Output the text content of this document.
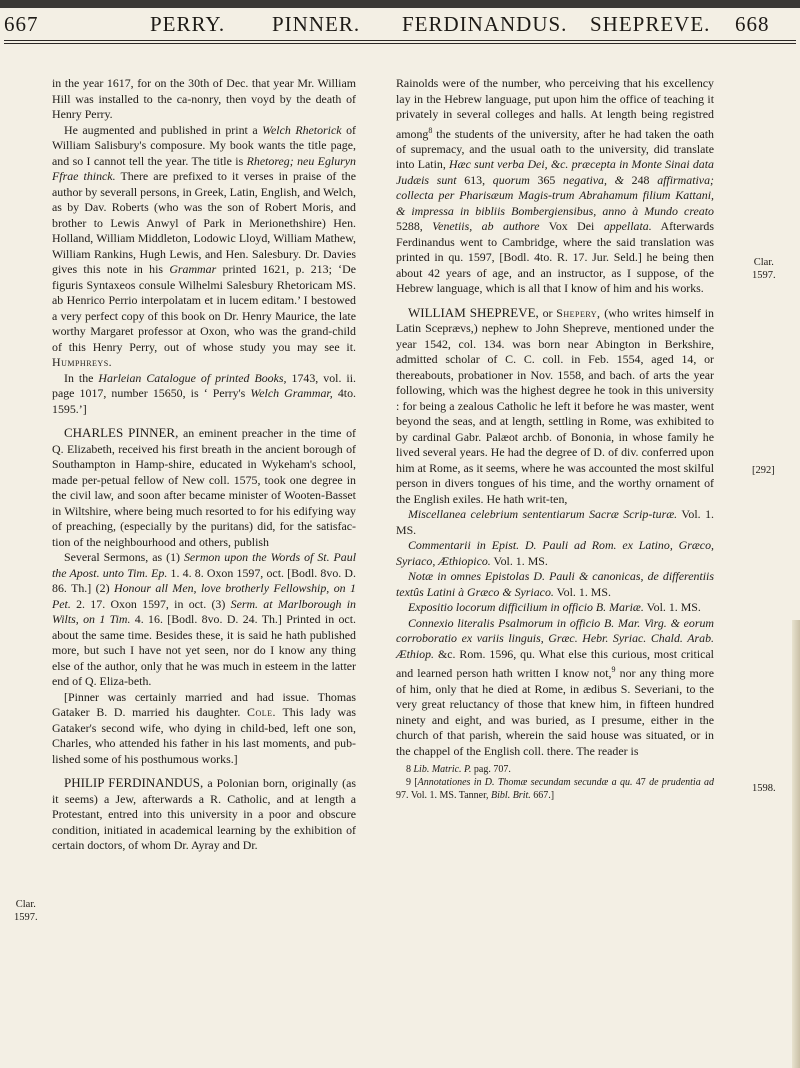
667	PERRY. PINNER. FERDINANDUS. SHEPREVE. 668
Clar.
1597.
Clar.
1597.
[292]
1598.

in the year 1617, for on the 30th of Dec. that year Mr. William Hill was installed to the ca-nonry, then voyd by the death of Henry Perry.

He augmented and published in print a Welch Rhetorick of William Salisbury's composure. My book wants the title page, and so I cannot tell the year. The title is Rhetoreg; neu Egluryn Ffrae thinck. There are prefixed to it verses in praise of the author by severall persons, in Greek, Latin, English, and Welch, as by Dav. Roberts (who was the son of Robert Moris, and brother to Lewis Anwyl of Park in Merionethshire) Hen. Holland, William Middleton, Lodowic Lloyd, William Mathew, William Rankins, Hugh Lewis, and Hen. Salesbury. Dr. Davies gives this note in his Grammar printed 1621, p. 213; ‘De figuris Syntaxeos consule Wilhelmi Salesbury Rhetoricam MS. ab Henrico Perrio interpolatam et in lucem editam.’ I bestowed a very perfect copy of this book on Dr. Henry Maurice, the late worthy Margaret professor at Oxon, who was the grand-child of this Henry Perry, out of whose study you may see it. Humphreys.

In the Harleian Catalogue of printed Books, 1743, vol. ii. page 1017, number 15650, is ‘ Perry's Welch Grammar, 4to. 1595.’]

CHARLES PINNER, an eminent preacher in the time of Q. Elizabeth, received his first breath in the ancient borough of Southampton in Hamp-shire, educated in Wykeham's school, made per-petual fellow of New coll. 1575, took one degree in the civil law, and soon after became minister of Wooten-Basset in Wiltshire, where being much resorted to for his edifying way of preaching, (especially by the puritans) did, for the satisfac-tion of the neighbourhood and others, publish

Several Sermons, as (1) Sermon upon the Words of St. Paul the Apost. unto Tim. Ep. 1. 4. 8. Oxon 1597, oct. [Bodl. 8vo. D. 86. Th.] (2) Honour all Men, love brotherly Fellowship, on 1 Pet. 2. 17. Oxon 1597, in oct. (3) Serm. at Marlborough in Wilts, on 1 Tim. 4. 16. [Bodl. 8vo. D. 24. Th.] Printed in oct. about the same time. Besides these, it is said he hath published more, but such I have not yet seen, nor do I know any thing else of the author, only that he was much in esteem in the latter end of Q. Eliza-beth.

[Pinner was certainly married and had issue. Thomas Gataker B. D. married his daughter. Cole. This lady was Gataker's second wife, who dying in child-bed, left one son, Charles, who attended his father in his last moments, and pub-lished some of his posthumous works.]

PHILIP FERDINANDUS, a Polonian born, originally (as it seems) a Jew, afterwards a R. Catholic, and at length a Protestant, entred into this university in a poor and obscure condition, initiated in academical learning by the exhibition of certain doctors, of whom Dr. Ayray and Dr.

Rainolds were of the number, who perceiving that his excellency lay in the Hebrew language, put upon him the office of teaching it privately in several colleges and halls. At length being registred among$^8$ the students of the university, after he had taken the oath of supremacy, and the usual oath to the university, did translate into Latin, Hæc sunt verba Dei, &c. præcepta in Monte Sinai data Judæis sunt 613, quorum 365 negativa, & 248 affirmativa; collecta per Pharisæum Magis-trum Abrahamum filium Kattani, & impressa in bibliis Bombergiensibus, anno à Mundo creato 5288, Venetiis, ab authore Vox Dei appellata. Afterwards Ferdinandus went to Cambridge, where the said translation was printed in qu. 1597, [Bodl. 4to. R. 17. Jur. Seld.] he being then about 42 years of age, and an instructor, as I suppose, of the Hebrew language, which is all that I know of him and his works.

WILLIAM SHEPREVE, or Shepery, (who writes himself in Latin Sceprævs,) nephew to John Shepreve, mentioned under the year 1542, col. 134. was born near Abington in Berkshire, admitted scholar of C. C. coll. in Feb. 1554, aged 14, or thereabouts, probationer in Nov. 1558, and bach. of arts the year following, which was the highest degree he took in this university : for being a zealous Catholic he left it before he was master, went beyond the seas, and at length, settling in Rome, was exhibited to by cardinal Gabr. Palæot archb. of Bononia, in whose family he lived several years. He had the degree of D. of div. conferred upon him at Rome, as it seems, where he was accounted the most skilful person in divers tongues of his time, and the worthy ornament of the English exiles. He hath writ-ten,

Miscellanea celebrium sententiarum Sacræ Scrip-turæ. Vol. 1. MS.

Commentarii in Epist. D. Pauli ad Rom. ex Latino, Græco, Syriaco, Æthiopico. Vol. 1. MS.

Notæ in omnes Epistolas D. Pauli & canonicas, de differentiis textûs Latini à Græco & Syriaco. Vol. 1. MS.

Expositio locorum difficilium in officio B. Mariæ. Vol. 1. MS.

Connexio literalis Psalmorum in officio B. Mar. Virg. & eorum corroboratio ex variis linguis, Græc. Hebr. Syriac. Chald. Arab. Æthiop. &c. Rom. 1596, qu. What else this curious, most critical and learned person hath written I know not,$^9$ nor any thing more of him, only that he died at Rome, in ædibus S. Severiani, to the very great reluctancy of those that knew him, in fifteen hundred ninety and eight, and was buried, as I presume, either in the church of that parish, wherein the said house was situated, or in the chappel of the English coll. there. The reader is

8 Lib. Matric. P. pag. 707.

9 [Annotationes in D. Thomæ secundam secundæ a qu. 47 de prudentia ad 97. Vol. 1. MS. Tanner, Bibl. Brit. 667.]
